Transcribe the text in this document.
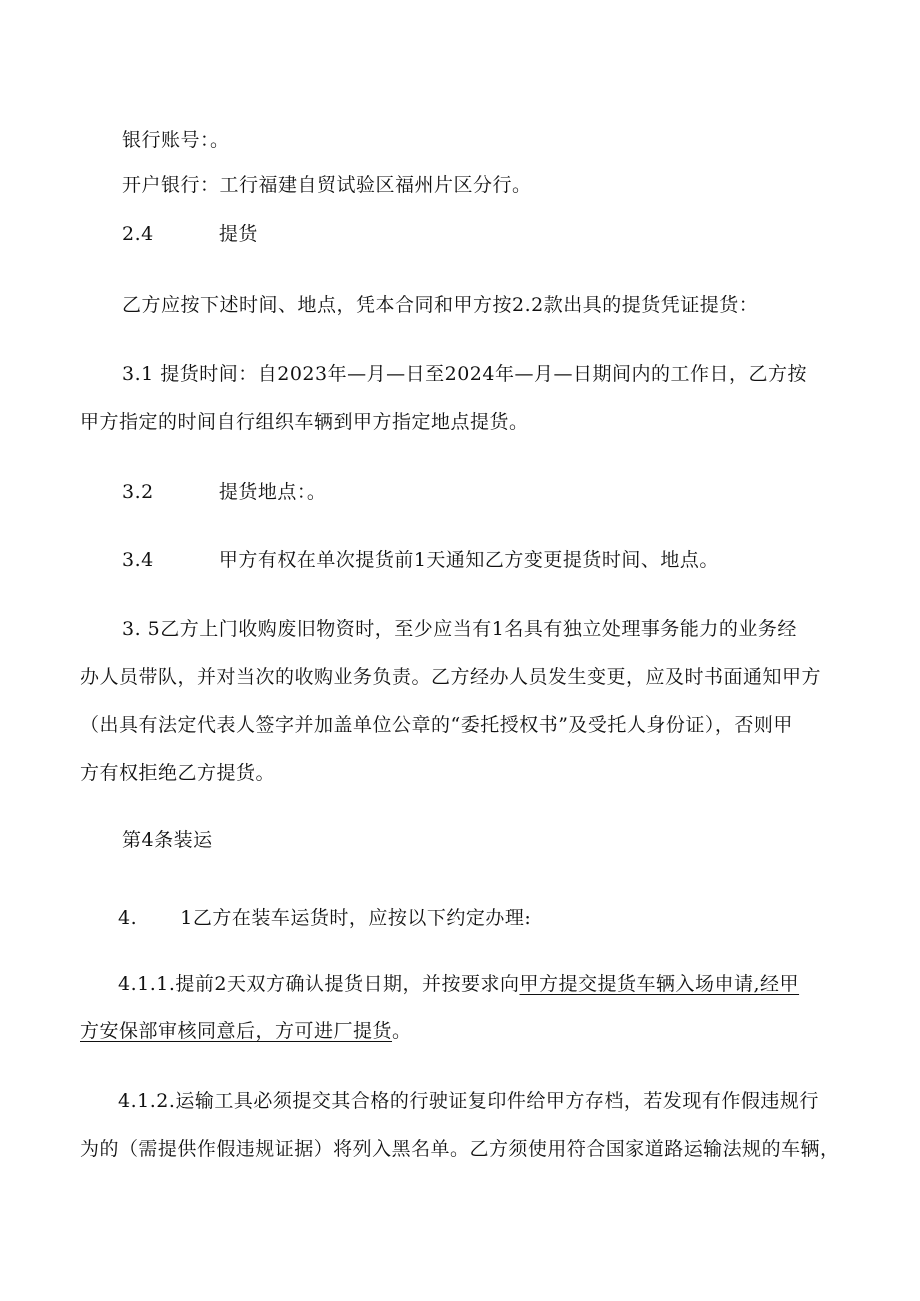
银行账号：。
开户银行：工行福建自贸试验区福州片区分行。
2.4	提货
乙方应按下述时间、地点，凭本合同和甲方按2.2款出具的提货凭证提货：
3.1 提货时间：自2023年—月—日至2024年—月—日期间内的工作日，乙方按
甲方指定的时间自行组织车辆到甲方指定地点提货。
3.2	提货地点：。
3.4	甲方有权在单次提货前1天通知乙方变更提货时间、地点。
3. 5乙方上门收购废旧物资时，至少应当有1名具有独立处理事务能力的业务经
办人员带队，并对当次的收购业务负责。乙方经办人员发生变更，应及时书面通知甲方
（出具有法定代表人签字并加盖单位公章的“委托授权书”及受托人身份证），否则甲
方有权拒绝乙方提货。
第4条装运
4. 1乙方在装车运货时，应按以下约定办理:
4.1.1.提前2天双方确认提货日期，并按要求向甲方提交提货车辆入场申请,经甲
方安保部审核同意后，方可进厂提货。
4.1.2.运输工具必须提交其合格的行驶证复印件给甲方存档，若发现有作假违规行
为的（需提供作假违规证据）将列入黑名单。乙方须使用符合国家道路运输法规的车辆，
